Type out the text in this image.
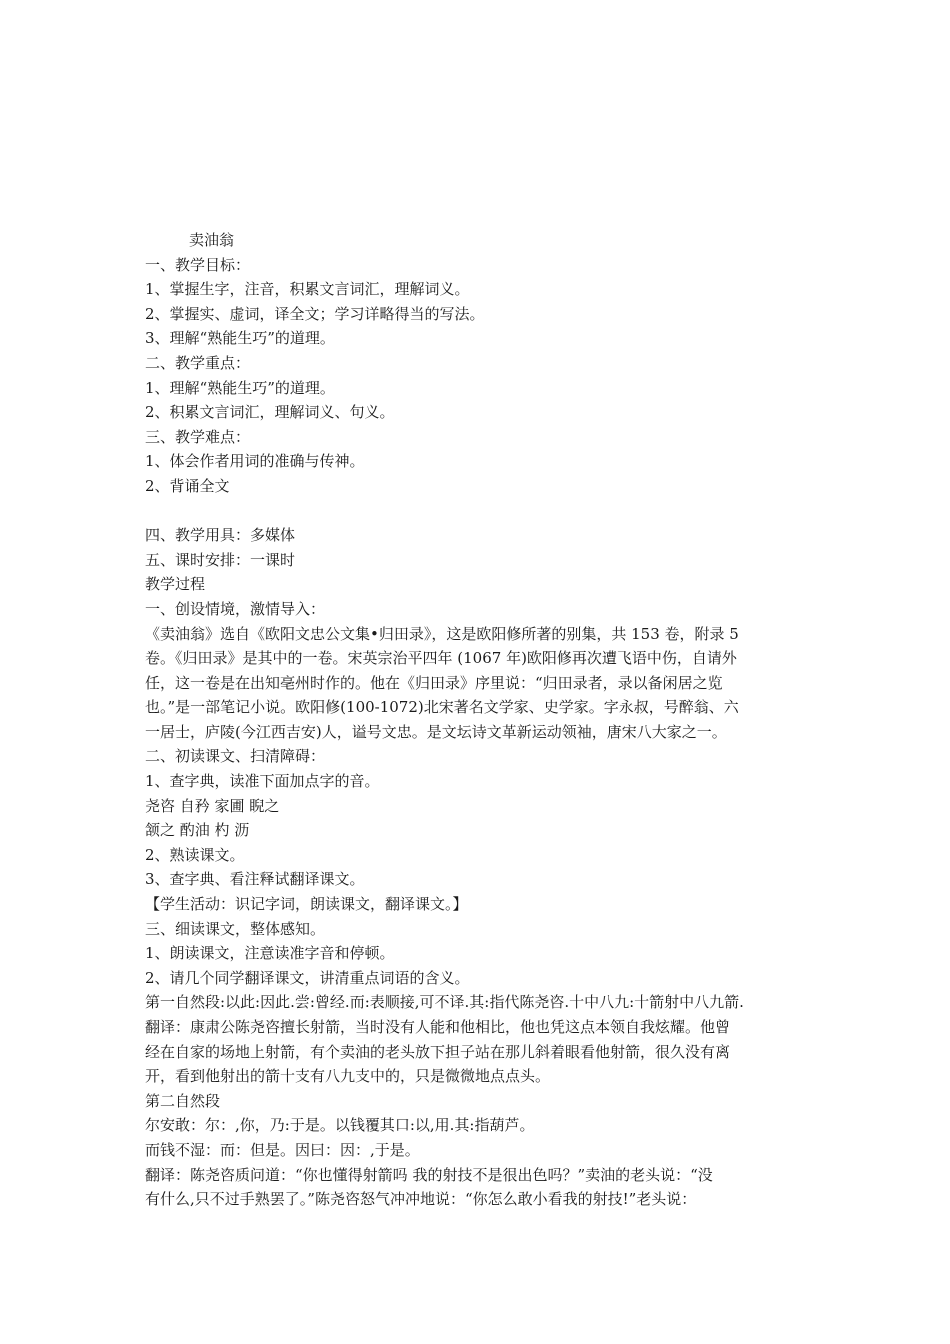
卖油翁
一、教学目标：
1、掌握生字，注音，积累文言词汇，理解词义。
2、掌握实、虚词，译全文；学习详略得当的写法。
3、理解“熟能生巧”的道理。
二、教学重点：
1、理解“熟能生巧”的道理。
2、积累文言词汇，理解词义、句义。
三、教学难点：
1、体会作者用词的准确与传神。
2、背诵全文
四、教学用具：多媒体
五、课时安排：一课时
教学过程
一、创设情境，激情导入：
《卖油翁》选自《欧阳文忠公文集•归田录》，这是欧阳修所著的别集，共 153 卷，附录 5
卷。《归田录》是其中的一卷。宋英宗治平四年 (1067 年)欧阳修再次遭飞语中伤，自请外
任，这一卷是在出知亳州时作的。他在《归田录》序里说：“归田录者，录以备闲居之览
也。”是一部笔记小说。欧阳修(100-1072)北宋著名文学家、史学家。字永叔，号醉翁、六
一居士，庐陵(今江西吉安)人，谥号文忠。是文坛诗文革新运动领袖，唐宋八大家之一。
二、初读课文、扫清障碍：
1、查字典，读准下面加点字的音。
尧咨 自矜 家圃 睨之
颔之 酌油 杓 沥
2、熟读课文。
3、查字典、看注释试翻译课文。
【学生活动：识记字词，朗读课文，翻译课文。】
三、细读课文，整体感知。
1、朗读课文，注意读准字音和停顿。
2、请几个同学翻译课文，讲清重点词语的含义。
第一自然段:以此:因此.尝:曾经.而:表顺接,可不译.其:指代陈尧咨.十中八九:十箭射中八九箭.
翻译：康肃公陈尧咨擅长射箭，当时没有人能和他相比，他也凭这点本领自我炫耀。他曾
经在自家的场地上射箭，有个卖油的老头放下担子站在那儿斜着眼看他射箭，很久没有离
开，看到他射出的箭十支有八九支中的，只是微微地点点头。
第二自然段
尔安敢：尔：,你，乃:于是。以钱覆其口:以,用.其:指葫芦。
而钱不湿：而：但是。因曰：因：,于是。
翻译：陈尧咨质问道：“你也懂得射箭吗 我的射技不是很出色吗？”卖油的老头说：“没
有什么,只不过手熟罢了。”陈尧咨怒气冲冲地说：“你怎么敢小看我的射技!”老头说：
